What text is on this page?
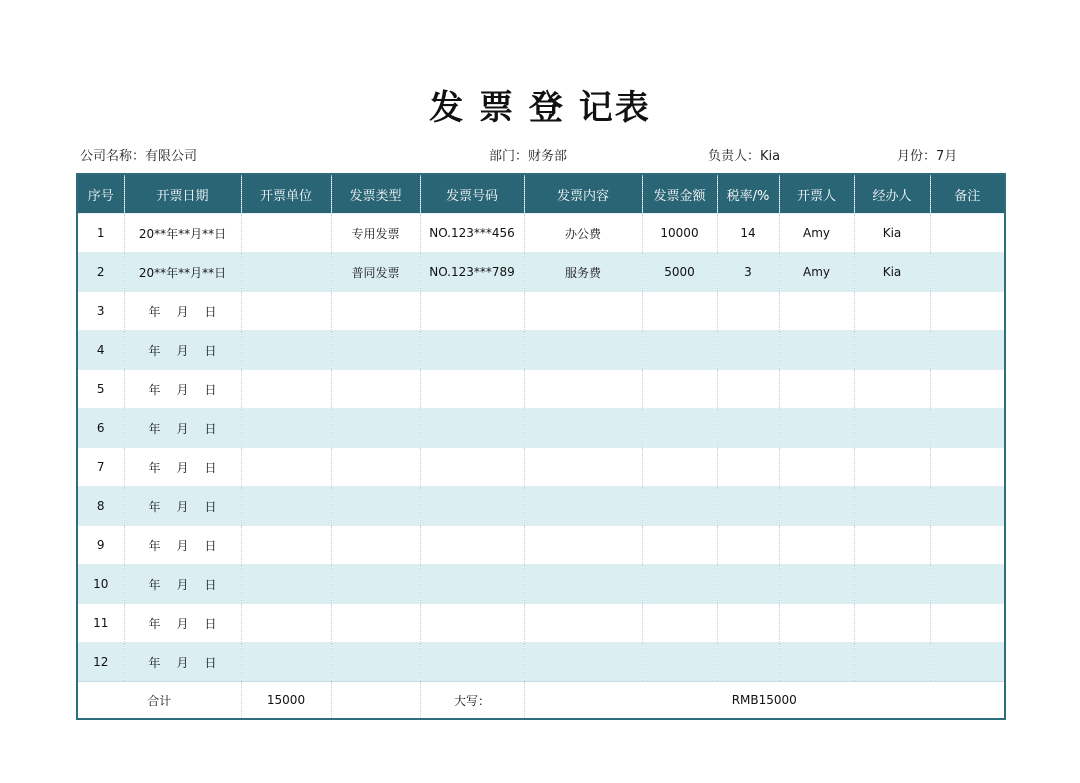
发 票 登 记表
公司名称：有限公司	部门：财务部	负责人：Kia	月份：7月
序号	开票日期	开票单位	发票类型	发票号码	发票内容	发票金额	税率/%	开票人	经办人	备注
1	20**年**月**日		专用发票	NO.123***456	办公费	10000	14	Amy	Kia	
2	20**年**月**日		普同发票	NO.123***789	服务费	5000	3	Amy	Kia	
3	年 月 日									
4	年 月 日									
5	年 月 日									
6	年 月 日									
7	年 月 日									
8	年 月 日									
9	年 月 日									
10	年 月 日									
11	年 月 日									
12	年 月 日									
合计		15000		大写：	RMB15000					
